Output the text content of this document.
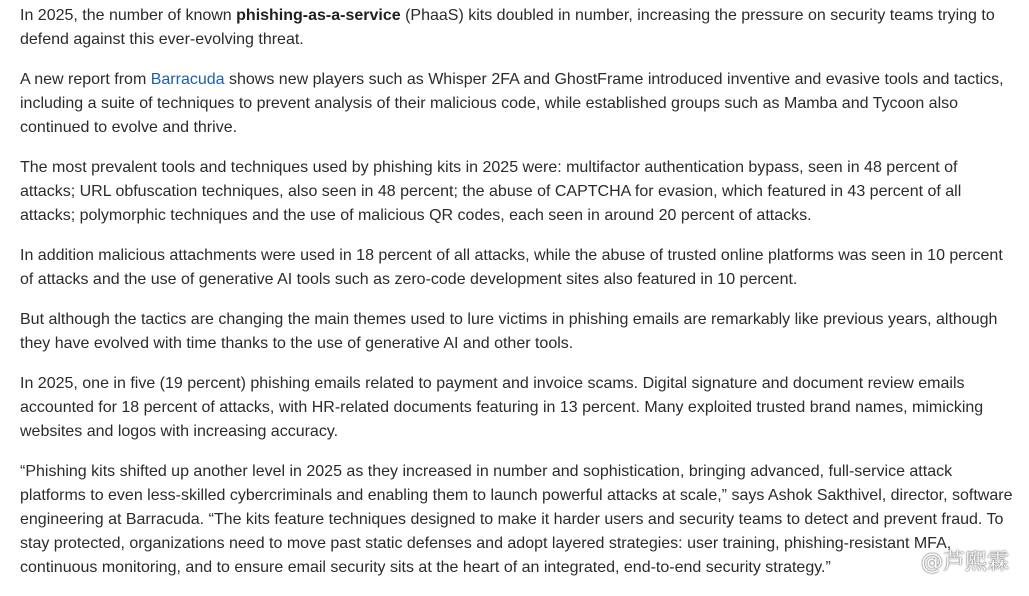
In 2025, the number of known phishing-as-a-service (PhaaS) kits doubled in number, increasing the pressure on security teams trying to defend against this ever-evolving threat.

A new report from Barracuda shows new players such as Whisper 2FA and GhostFrame introduced inventive and evasive tools and tactics, including a suite of techniques to prevent analysis of their malicious code, while established groups such as Mamba and Tycoon also continued to evolve and thrive.

The most prevalent tools and techniques used by phishing kits in 2025 were: multifactor authentication bypass, seen in 48 percent of attacks; URL obfuscation techniques, also seen in 48 percent; the abuse of CAPTCHA for evasion, which featured in 43 percent of all attacks; polymorphic techniques and the use of malicious QR codes, each seen in around 20 percent of attacks.

In addition malicious attachments were used in 18 percent of all attacks, while the abuse of trusted online platforms was seen in 10 percent of attacks and the use of generative AI tools such as zero-code development sites also featured in 10 percent.

But although the tactics are changing the main themes used to lure victims in phishing emails are remarkably like previous years, although they have evolved with time thanks to the use of generative AI and other tools.

In 2025, one in five (19 percent) phishing emails related to payment and invoice scams. Digital signature and document review emails accounted for 18 percent of attacks, with HR-related documents featuring in 13 percent. Many exploited trusted brand names, mimicking websites and logos with increasing accuracy.

“Phishing kits shifted up another level in 2025 as they increased in number and sophistication, bringing advanced, full-service attack platforms to even less-skilled cybercriminals and enabling them to launch powerful attacks at scale,” says Ashok Sakthivel, director, software engineering at Barracuda. “The kits feature techniques designed to make it harder users and security teams to detect and prevent fraud. To stay protected, organizations need to move past static defenses and adopt layered strategies: user training, phishing-resistant MFA, continuous monitoring, and to ensure email security sits at the heart of an integrated, end-to-end security strategy.”	@芦熙霖
